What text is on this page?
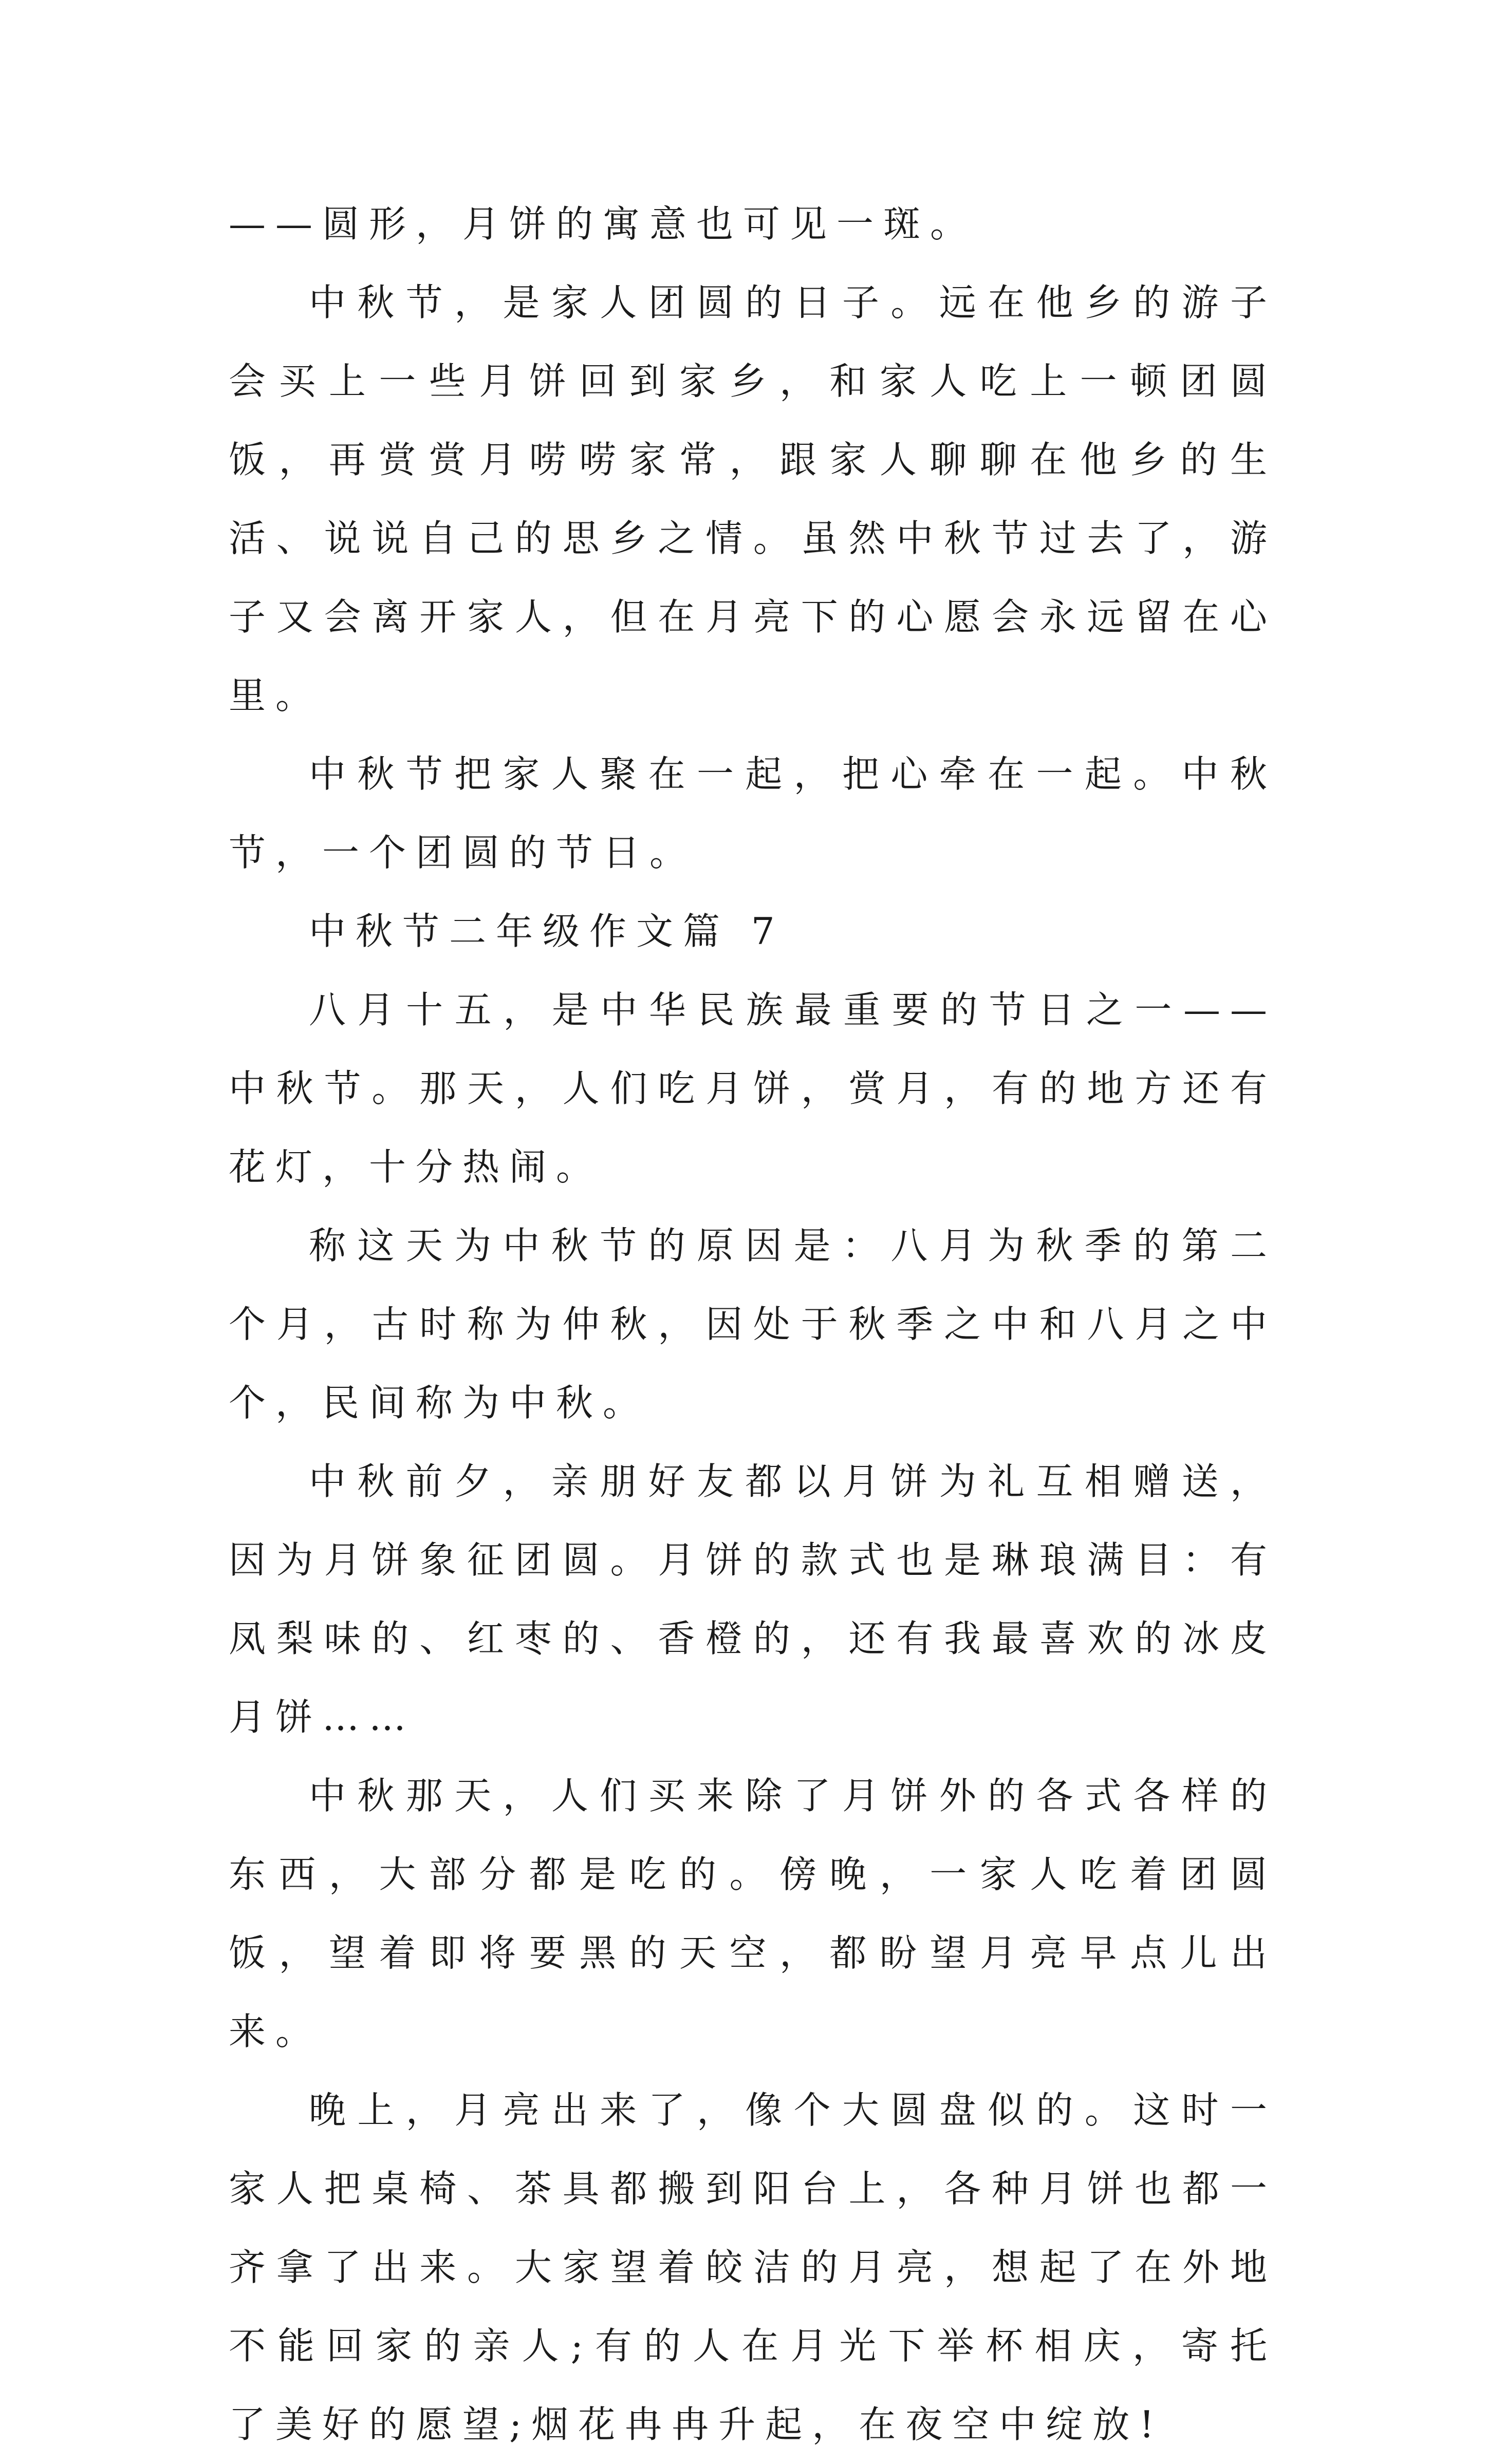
——圆形，月饼的寓意也可见一斑。

中秋节，是家人团圆的日子。远在他乡的游子会买上一些月饼回到家乡，和家人吃上一顿团圆饭，再赏赏月唠唠家常，跟家人聊聊在他乡的生活、说说自己的思乡之情。虽然中秋节过去了，游子又会离开家人，但在月亮下的心愿会永远留在心里。

中秋节把家人聚在一起，把心牵在一起。中秋节，一个团圆的节日。

中秋节二年级作文篇 7

八月十五，是中华民族最重要的节日之一——中秋节。那天，人们吃月饼，赏月，有的地方还有花灯，十分热闹。

称这天为中秋节的原因是：八月为秋季的第二个月，古时称为仲秋，因处于秋季之中和八月之中个，民间称为中秋。

中秋前夕，亲朋好友都以月饼为礼互相赠送，因为月饼象征团圆。月饼的款式也是琳琅满目：有凤梨味的、红枣的、香橙的，还有我最喜欢的冰皮月饼……

中秋那天，人们买来除了月饼外的各式各样的东西，大部分都是吃的。傍晚，一家人吃着团圆饭，望着即将要黑的天空，都盼望月亮早点儿出来。

晚上，月亮出来了，像个大圆盘似的。这时一家人把桌椅、茶具都搬到阳台上，各种月饼也都一齐拿了出来。大家望着皎洁的月亮，想起了在外地不能回家的亲人;有的人在月光下举杯相庆，寄托了美好的愿望;烟花冉冉升起，在夜空中绽放!
